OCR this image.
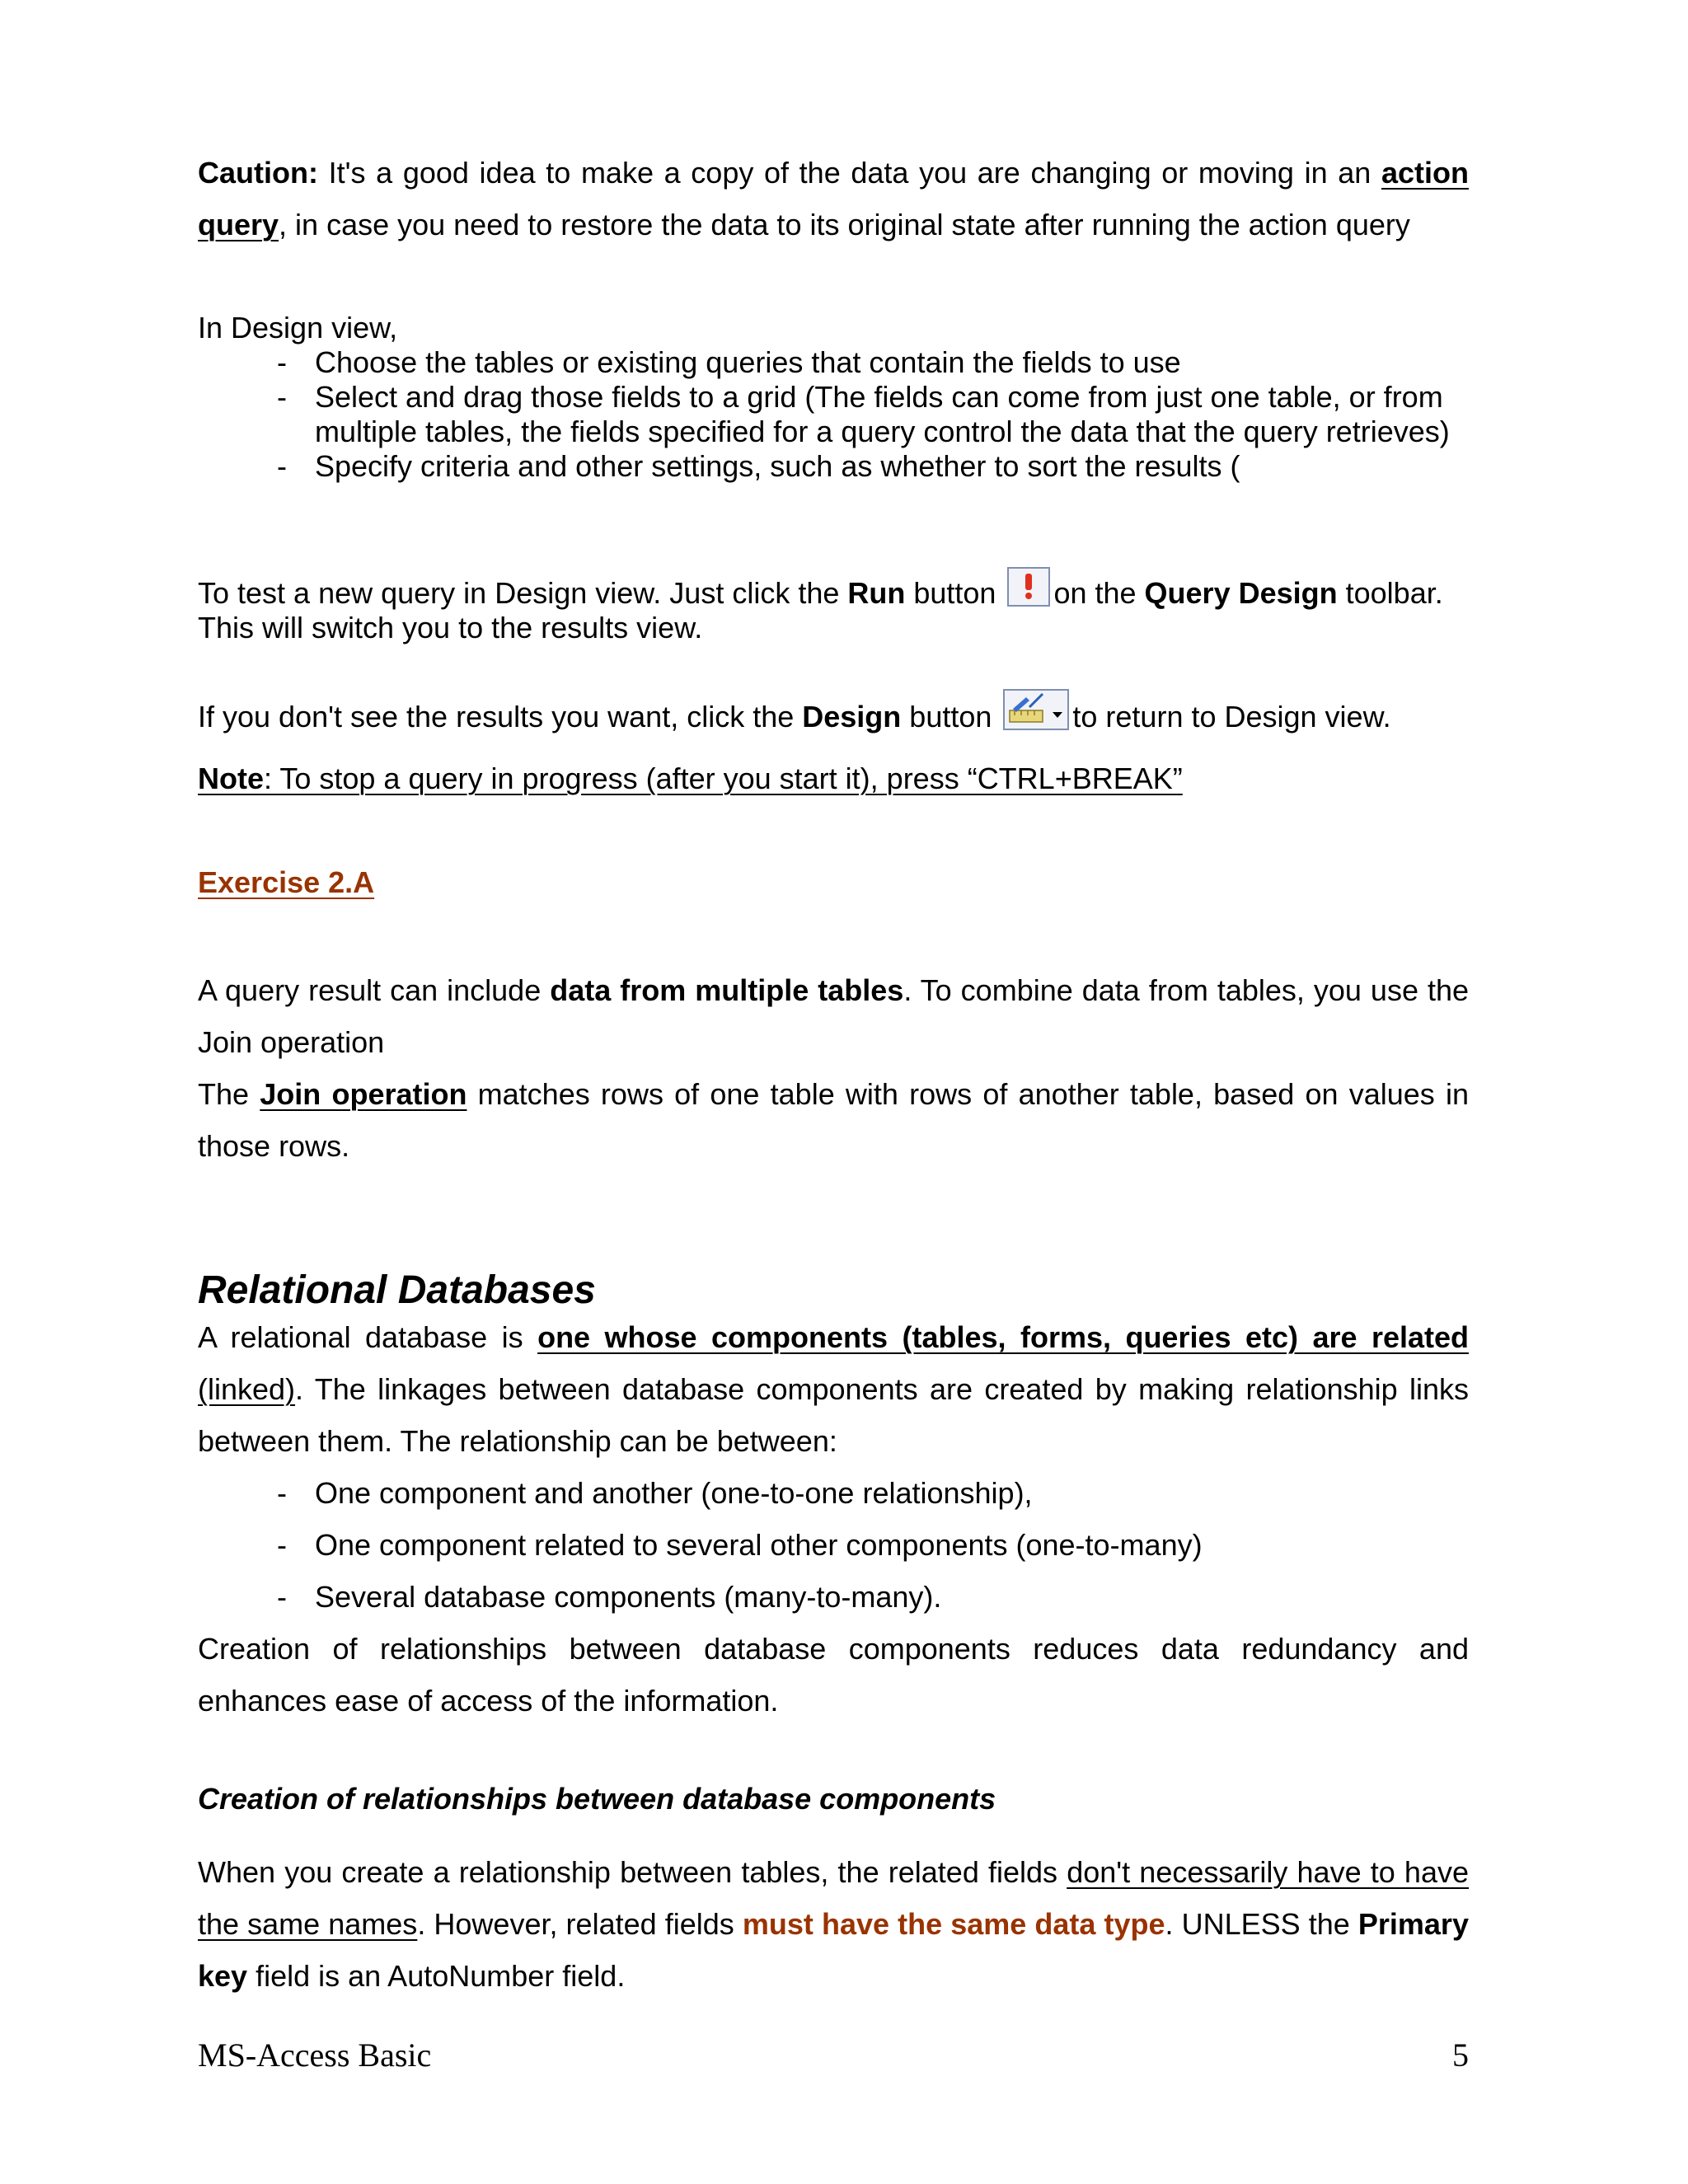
Caution: It's a good idea to make a copy of the data you are changing or moving in an action query, in case you need to restore the data to its original state after running the action query
In Design view,
- Choose the tables or existing queries that contain the fields to use
- Select and drag those fields to a grid (The fields can come from just one table, or from multiple tables, the fields specified for a query control the data that the query retrieves)
- Specify criteria and other settings, such as whether to sort the results (
To test a new query in Design view. Just click the Run button
on the Query Design toolbar.
This will switch you to the results view.
If you don't see the results you want, click the Design button
to return to Design view.
Note: To stop a query in progress (after you start it), press “CTRL+BREAK”
Exercise 2.A
A query result can include data from multiple tables. To combine data from tables, you use the Join operation
The Join operation matches rows of one table with rows of another table, based on values in those rows.
Relational Databases
A relational database is one whose components (tables, forms, queries etc) are related (linked). The linkages between database components are created by making relationship links between them. The relationship can be between:
- One component and another (one-to-one relationship),
- One component related to several other components (one-to-many)
- Several database components (many-to-many).
Creation of relationships between database components reduces data redundancy and enhances ease of access of the information.
Creation of relationships between database components
When you create a relationship between tables, the related fields don't necessarily have to have the same names. However, related fields must have the same data type. UNLESS the Primary key field is an AutoNumber field.
MS-Access Basic	5
